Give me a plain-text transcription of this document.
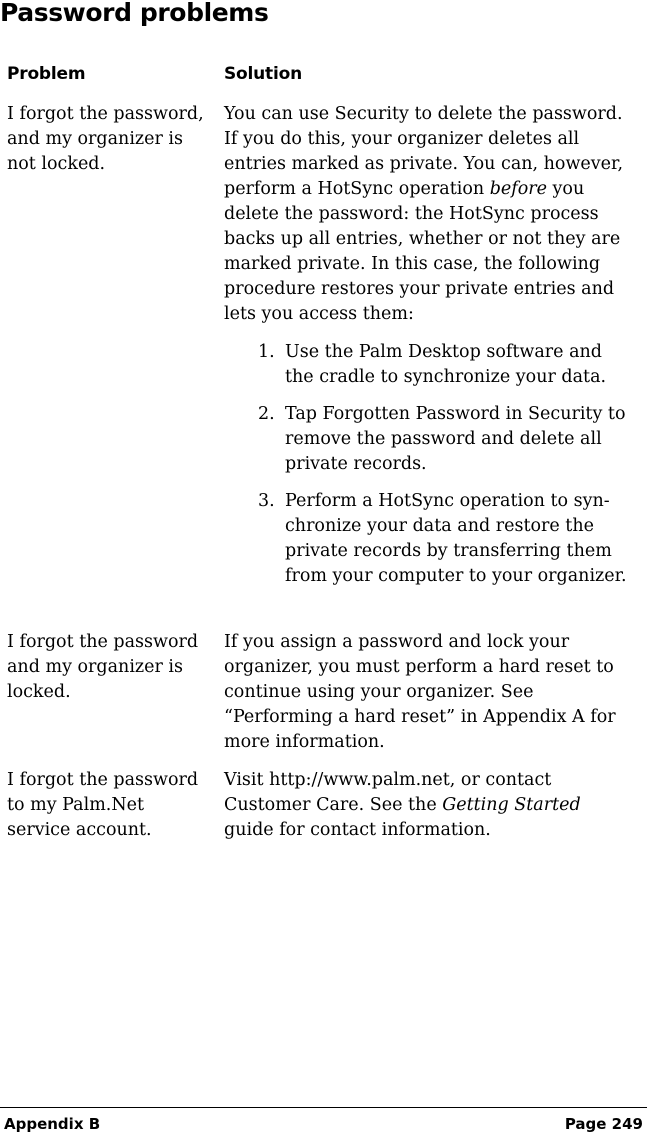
Password problems
Problem	Solution
I forgot the password, and my organizer is not locked.
You can use Security to delete the password. If you do this, your organizer deletes all entries marked as private. You can, however, perform a HotSync operation before you delete the password: the HotSync process backs up all entries, whether or not they are marked private. In this case, the following procedure restores your private entries and lets you access them:
1. Use the Palm Desktop software and the cradle to synchronize your data.
2. Tap Forgotten Password in Security to remove the password and delete all private records.
3. Perform a HotSync operation to syn-chronize your data and restore the private records by transferring them from your computer to your organizer.
I forgot the password and my organizer is locked.
If you assign a password and lock your organizer, you must perform a hard reset to continue using your organizer. See “Performing a hard reset” in Appendix A for more information.
I forgot the password to my Palm.Net service account.
Visit http://www.palm.net, or contact Customer Care. See the Getting Started guide for contact information.
Appendix B	Page 249
